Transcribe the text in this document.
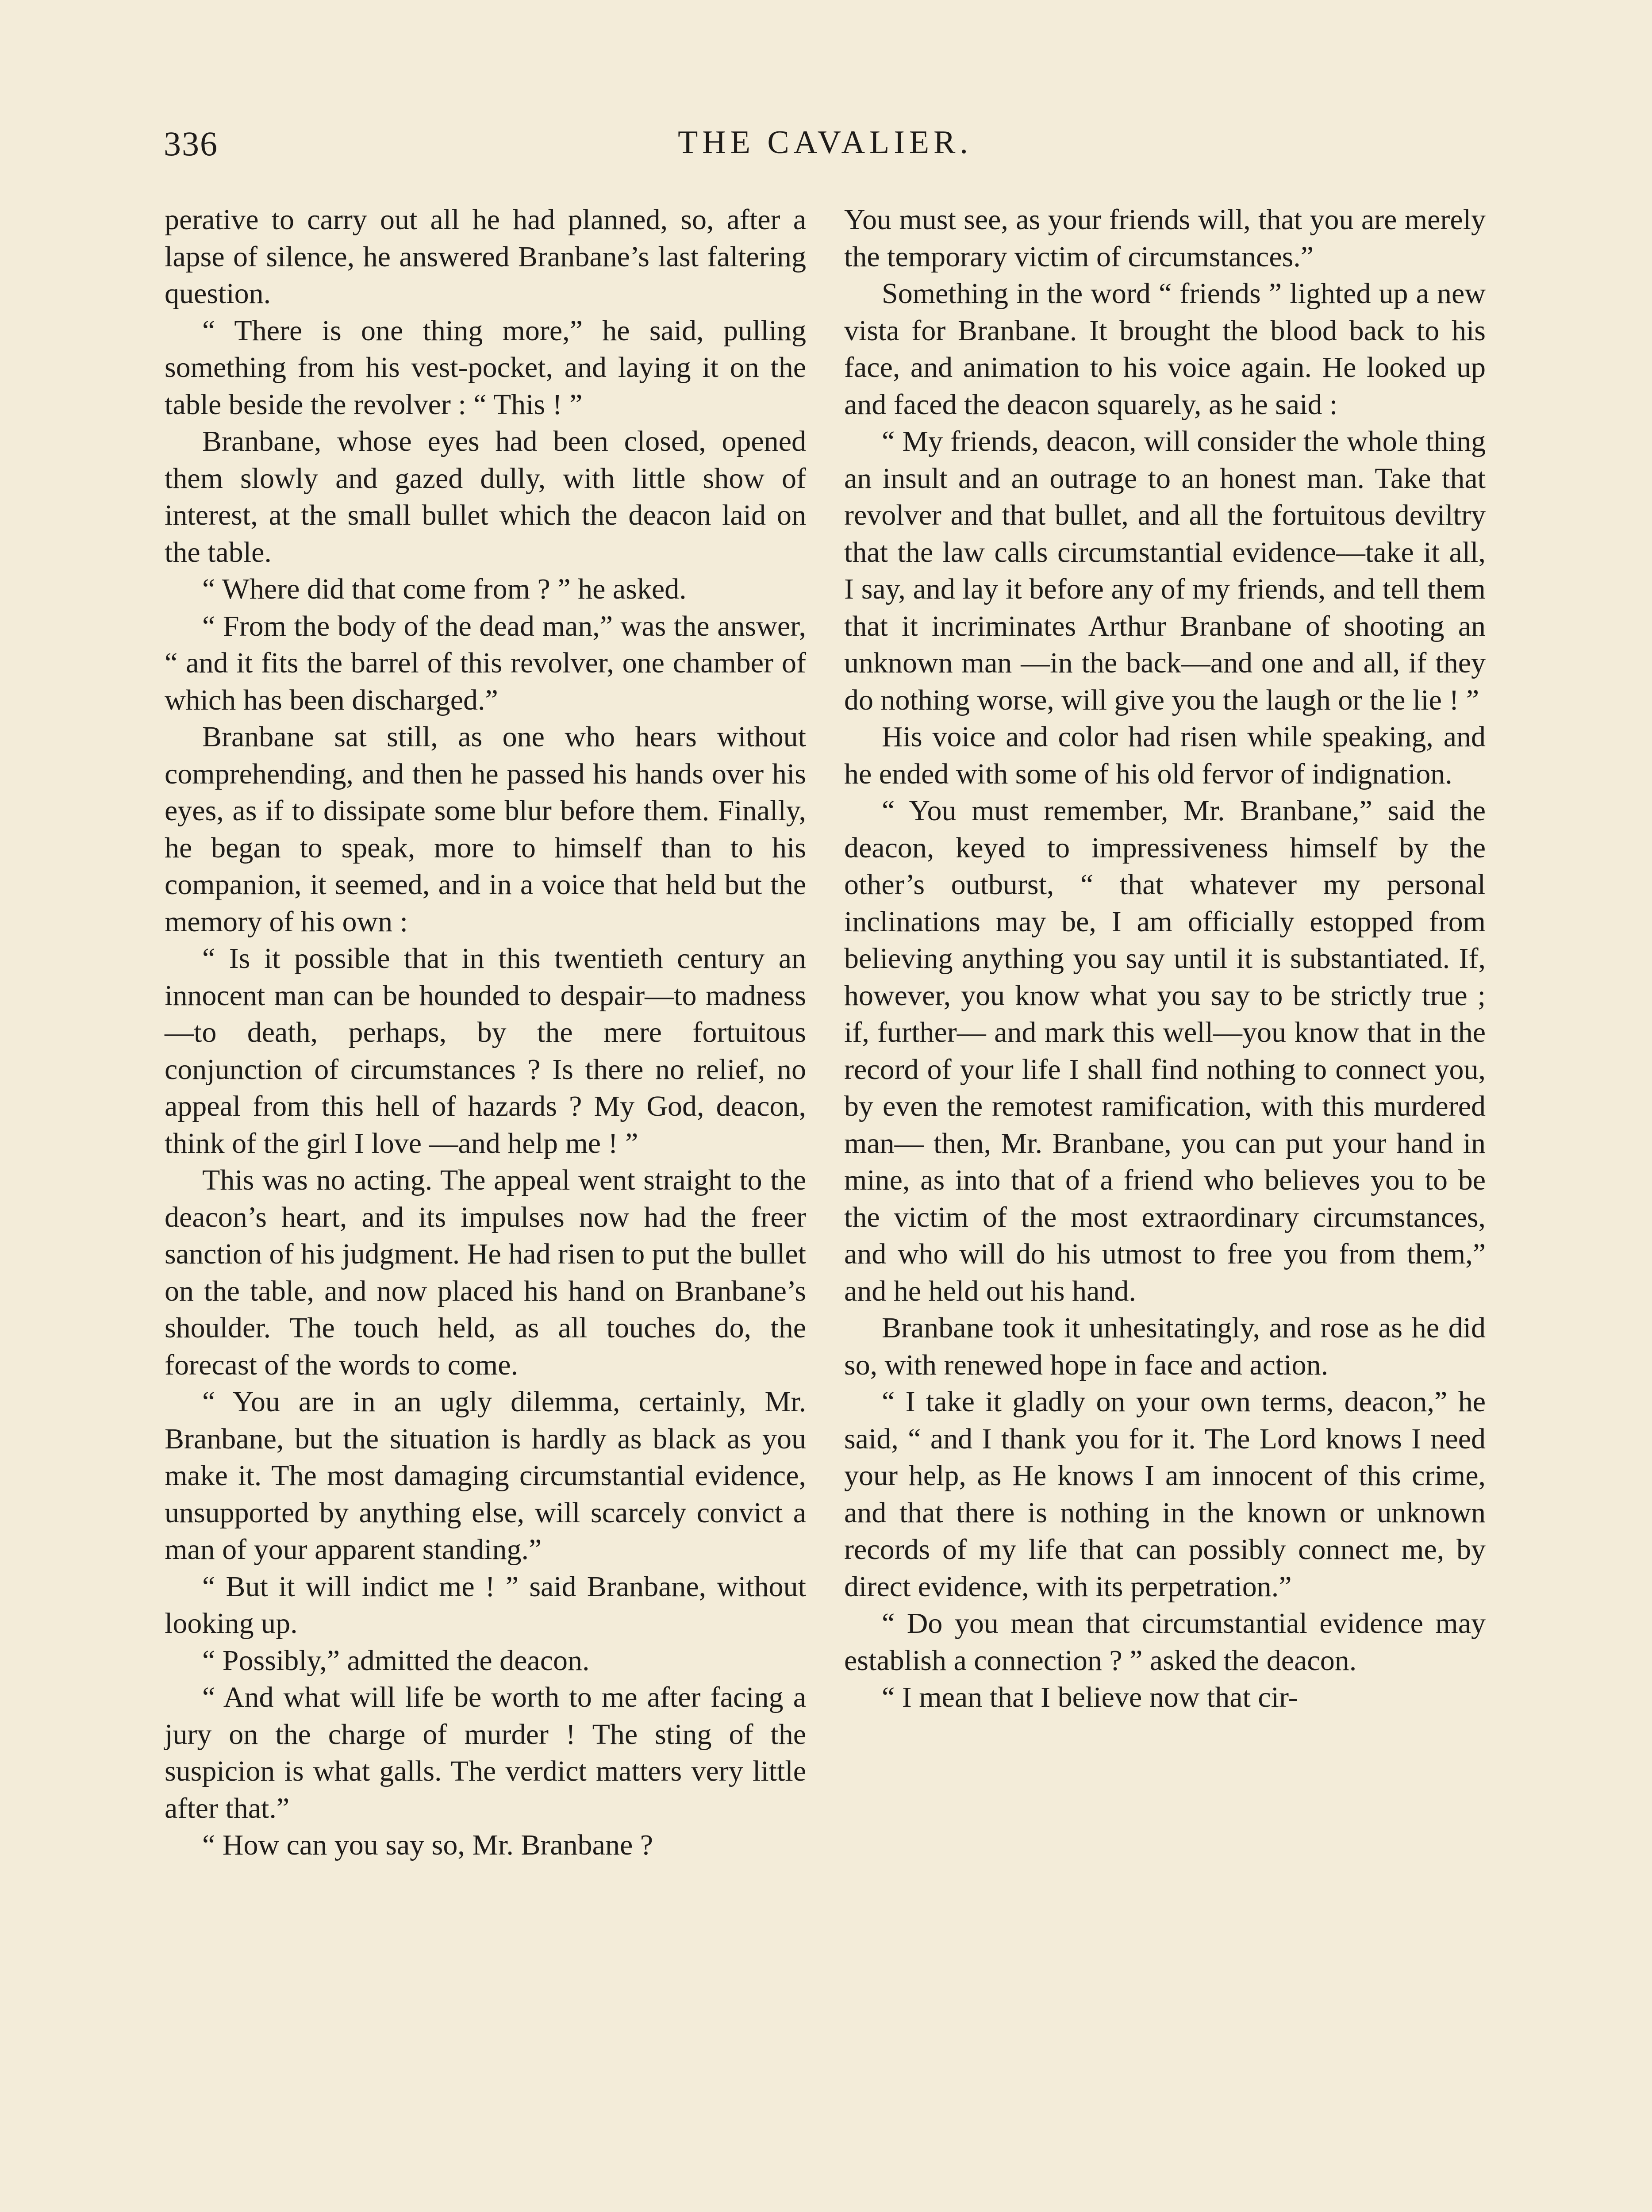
336	THE CAVALIER.

perative to carry out all he had planned, so, after a lapse of silence, he answered Branbane’s last faltering question.

“ There is one thing more,” he said, pulling something from his vest-pocket, and laying it on the table beside the revolver : “ This ! ”

Branbane, whose eyes had been closed, opened them slowly and gazed dully, with little show of interest, at the small bullet which the deacon laid on the table.

“ Where did that come from ? ” he asked.

“ From the body of the dead man,” was the answer, “ and it fits the barrel of this revolver, one chamber of which has been discharged.”

Branbane sat still, as one who hears without comprehending, and then he passed his hands over his eyes, as if to dissipate some blur before them. Finally, he began to speak, more to himself than to his companion, it seemed, and in a voice that held but the memory of his own :

“ Is it possible that in this twentieth century an innocent man can be hounded to despair—to madness—to death, perhaps, by the mere fortuitous conjunction of circumstances ? Is there no relief, no appeal from this hell of hazards ? My God, deacon, think of the girl I love —and help me ! ”

This was no acting. The appeal went straight to the deacon’s heart, and its impulses now had the freer sanction of his judgment. He had risen to put the bullet on the table, and now placed his hand on Branbane’s shoulder. The touch held, as all touches do, the forecast of the words to come.

“ You are in an ugly dilemma, certainly, Mr. Branbane, but the situation is hardly as black as you make it. The most damaging circumstantial evidence, unsupported by anything else, will scarcely convict a man of your apparent standing.”

“ But it will indict me ! ” said Branbane, without looking up.

“ Possibly,” admitted the deacon.

“ And what will life be worth to me after facing a jury on the charge of murder ! The sting of the suspicion is what galls. The verdict matters very little after that.”

“ How can you say so, Mr. Branbane ?

You must see, as your friends will, that you are merely the temporary victim of circumstances.”

Something in the word “ friends ” lighted up a new vista for Branbane. It brought the blood back to his face, and animation to his voice again. He looked up and faced the deacon squarely, as he said :

“ My friends, deacon, will consider the whole thing an insult and an outrage to an honest man. Take that revolver and that bullet, and all the fortuitous deviltry that the law calls circumstantial evidence—take it all, I say, and lay it before any of my friends, and tell them that it incriminates Arthur Branbane of shooting an unknown man —in the back—and one and all, if they do nothing worse, will give you the laugh or the lie ! ”

His voice and color had risen while speaking, and he ended with some of his old fervor of indignation.

“ You must remember, Mr. Branbane,” said the deacon, keyed to impressiveness himself by the other’s outburst, “ that whatever my personal inclinations may be, I am officially estopped from believing anything you say until it is substantiated. If, however, you know what you say to be strictly true ; if, further— and mark this well—you know that in the record of your life I shall find nothing to connect you, by even the remotest ramification, with this murdered man— then, Mr. Branbane, you can put your hand in mine, as into that of a friend who believes you to be the victim of the most extraordinary circumstances, and who will do his utmost to free you from them,” and he held out his hand.

Branbane took it unhesitatingly, and rose as he did so, with renewed hope in face and action.

“ I take it gladly on your own terms, deacon,” he said, “ and I thank you for it. The Lord knows I need your help, as He knows I am innocent of this crime, and that there is nothing in the known or unknown records of my life that can possibly connect me, by direct evidence, with its perpetration.”

“ Do you mean that circumstantial evidence may establish a connection ? ” asked the deacon.

“ I mean that I believe now that cir-
